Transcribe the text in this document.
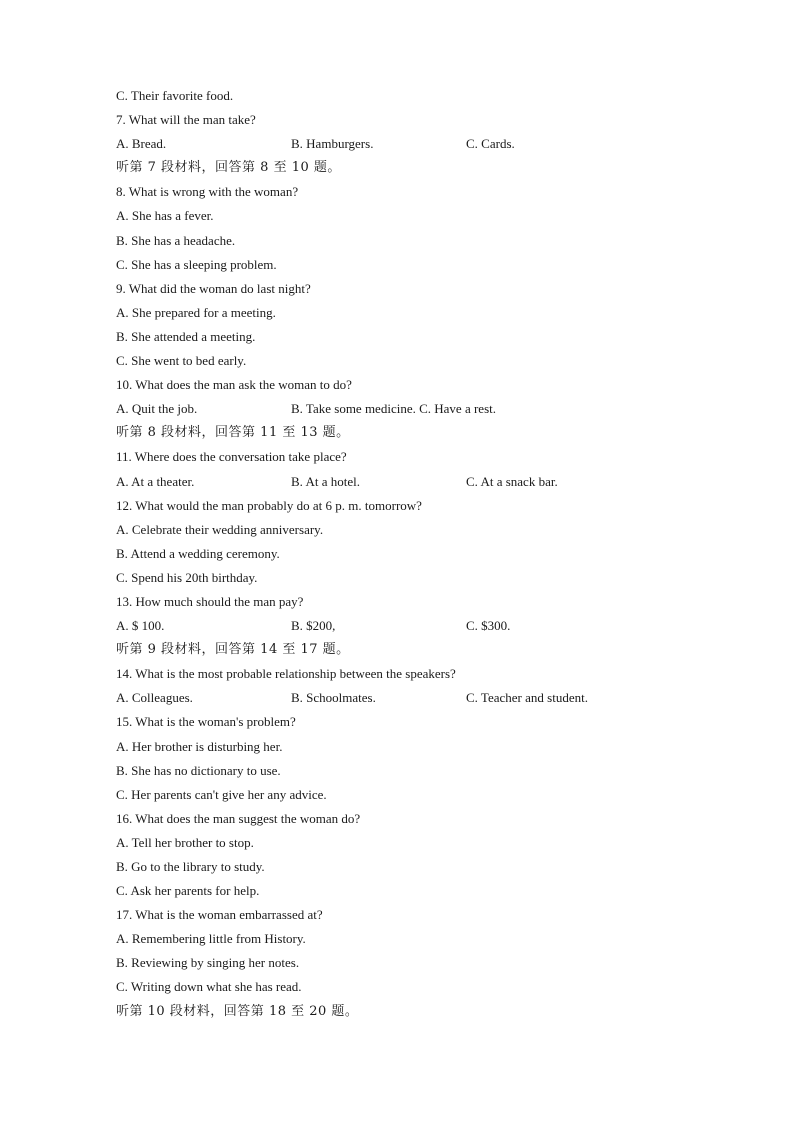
C. Their favorite food.
7. What will the man take?
A. Bread.	B. Hamburgers.	C. Cards.
听第 7 段材料，回答第 8 至 10 题。
8. What is wrong with the woman?
A. She has a fever.
B. She has a headache.
C. She has a sleeping problem.
9. What did the woman do last night?
A. She prepared for a meeting.
B. She attended a meeting.
C. She went to bed early.
10. What does the man ask the woman to do?
A. Quit the job.	B. Take some medicine. C. Have a rest.
听第 8 段材料，回答第 11 至 13 题。
11. Where does the conversation take place?
A. At a theater.	B. At a hotel.	C. At a snack bar.
12. What would the man probably do at 6 p. m. tomorrow?
A. Celebrate their wedding anniversary.
B. Attend a wedding ceremony.
C. Spend his 20th birthday.
13. How much should the man pay?
A. $ 100.	B. $200,	C. $300.
听第 9 段材料，回答第 14 至 17 题。
14. What is the most probable relationship between the speakers?
A. Colleagues.	B. Schoolmates.	C. Teacher and student.
15. What is the woman's problem?
A. Her brother is disturbing her.
B. She has no dictionary to use.
C. Her parents can't give her any advice.
16. What does the man suggest the woman do?
A. Tell her brother to stop.
B. Go to the library to study.
C. Ask her parents for help.
17. What is the woman embarrassed at?
A. Remembering little from History.
B. Reviewing by singing her notes.
C. Writing down what she has read.
听第 10 段材料，回答第 18 至 20 题。
